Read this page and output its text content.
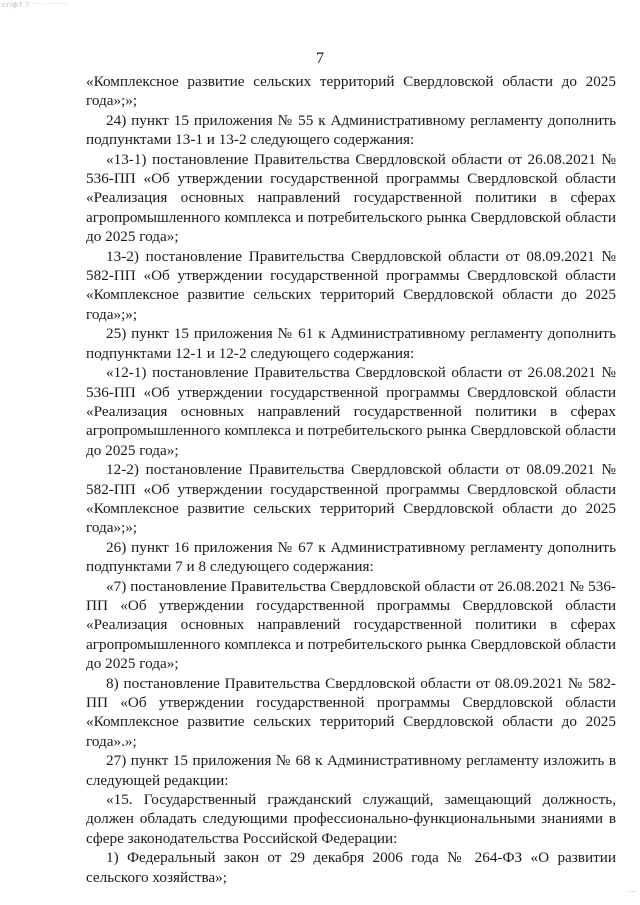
ст/ф7 7 ⁻⁻⁻ ⁻⁻⁻⁻⁻
7

«Комплексное развитие сельских территорий Свердловской области до 2025 года»;»;

24) пункт 15 приложения № 55 к Административному регламенту дополнить подпунктами 13-1 и 13-2 следующего содержания:

«13-1) постановление Правительства Свердловской области от 26.08.2021 № 536-ПП «Об утверждении государственной программы Свердловской области «Реализация основных направлений государственной политики в сферах агропромышленного комплекса и потребительского рынка Свердловской области до 2025 года»;

13-2) постановление Правительства Свердловской области от 08.09.2021 № 582-ПП «Об утверждении государственной программы Свердловской области «Комплексное развитие сельских территорий Свердловской области до 2025 года»;»;

25) пункт 15 приложения № 61 к Административному регламенту дополнить подпунктами 12-1 и 12-2 следующего содержания:

«12-1) постановление Правительства Свердловской области от 26.08.2021 № 536-ПП «Об утверждении государственной программы Свердловской области «Реализация основных направлений государственной политики в сферах агропромышленного комплекса и потребительского рынка Свердловской области до 2025 года»;

12-2) постановление Правительства Свердловской области от 08.09.2021 № 582-ПП «Об утверждении государственной программы Свердловской области «Комплексное развитие сельских территорий Свердловской области до 2025 года»;»;

26) пункт 16 приложения № 67 к Административному регламенту дополнить подпунктами 7 и 8 следующего содержания:

«7) постановление Правительства Свердловской области от 26.08.2021 № 536-ПП «Об утверждении государственной программы Свердловской области «Реализация основных направлений государственной политики в сферах агропромышленного комплекса и потребительского рынка Свердловской области до 2025 года»;

8) постановление Правительства Свердловской области от 08.09.2021 № 582-ПП «Об утверждении государственной программы Свердловской области «Комплексное развитие сельских территорий Свердловской области до 2025 года».»;

27) пункт 15 приложения № 68 к Административному регламенту изложить в следующей редакции:

«15. Государственный гражданский служащий, замещающий должность, должен обладать следующими профессионально-функциональными знаниями в сфере законодательства Российской Федерации:

1) Федеральный закон от 29 декабря 2006 года № 264-ФЗ «О развитии сельского хозяйства»;

—
